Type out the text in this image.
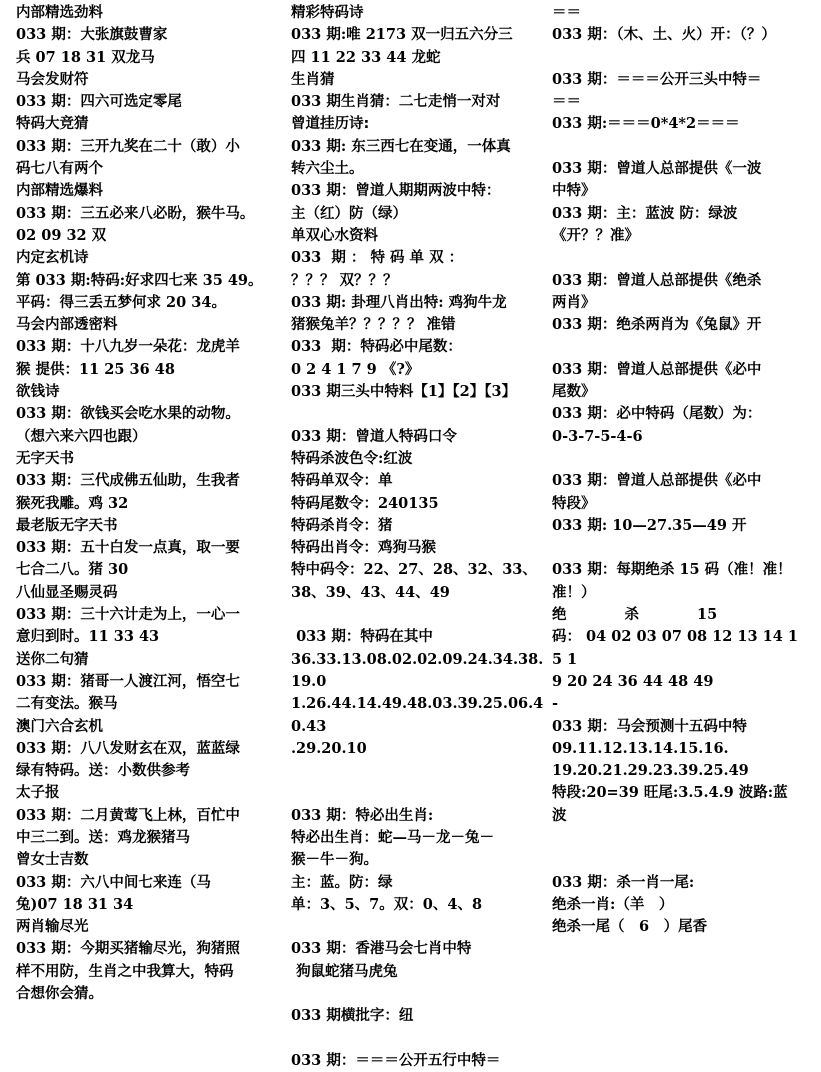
内部精选劲料
033 期：大张旗鼓曹家
兵 07 18 31 双龙马
马会发财符
033 期：四六可选定零尾
特码大竞猜
033 期：三开九奖在二十（敢）小
码七八有两个
内部精选爆料
033 期：三五必来八必盼，猴牛马。
02 09 32 双
内定玄机诗
第 033 期:特码:好求四七来 35 49。
平码：得三丢五梦何求 20 34。
马会内部透密料
033 期：十八九岁一朵花：龙虎羊
猴 提供：11 25 36 48
欲钱诗
033 期：欲钱买会吃水果的动物。
（想六来六四也跟）
无字天书
033 期：三代成佛五仙助，生我者
猴死我雕。鸡 32
最老版无字天书
033 期：五十白发一点真，取一要
七合二八。猪 30
八仙显圣赐灵码
033 期：三十六计走为上，一心一
意归到时。11 33 43
送你二句猜
033 期：猪哥一人渡江河，悟空七
二有变法。猴马
澳门六合玄机
033 期：八八发财玄在双，蓝蓝绿
绿有特码。送：小数供参考
太子报
033 期：二月黄莺飞上林，百忙中
中三二到。送：鸡龙猴猪马
曾女士吉数
033 期：六八中间七来连（马
兔)07 18 31 34
两肖输尽光
033 期：今期买猪输尽光，狗猪照
样不用防，生肖之中我算大，特码
合想你会猜。
精彩特码诗
033 期:唯 2173 双一归五六分三
四 11 22 33 44 龙蛇
生肖猜
033 期生肖猜：二七走悄一对对
曾道挂历诗:
033 期: 东三西七在变通，一体真
转六尘土。
033 期：曾道人期期两波中特：
主（红）防（绿）
单双心水资料
033  期 ： 特 码 单 双 ：
？？？ 双？？？
033 期: 卦理八肖出特: 鸡狗牛龙
猪猴兔羊？？？？？ 准错
033  期：特码必中尾数：
0 2 4 1 7 9 《?》
033 期三头中特料【1】【2】【3】
033 期：曾道人特码口令
特码杀波色令:红波
特码单双令：单
特码尾数令：240135
特码杀肖令：猪
特码出肖令：鸡狗马猴
特中码令：22、27、28、32、33、
38、39、43、44、49
033 期：特码在其中
36.33.13.08.02.02.09.24.34.38.19.0
1.26.44.14.49.48.03.39.25.06.40.43
.29.20.10
033 期：特必出生肖:
特必出生肖：蛇—马－龙－兔－
猴－牛－狗。
主：蓝。防：绿
单：3、5、7。双：0、4、8
033 期：香港马会七肖中特
狗鼠蛇猪马虎兔
033 期横批字：纽
033 期：＝＝＝公开五行中特＝
＝＝
033 期：（木、土、火）开：（？）
033 期：＝＝＝公开三头中特＝
＝＝
033 期:＝＝＝0*4*2＝＝＝
033 期：曾道人总部提供《一波
中特》
033 期：主：蓝波 防：绿波
《开？？准》
033 期：曾道人总部提供《绝杀
两肖》
033 期：绝杀两肖为《兔鼠》开
033 期：曾道人总部提供《必中
尾数》
033 期：必中特码（尾数）为：
0-3-7-5-4-6
033 期：曾道人总部提供《必中
特段》
033 期: 10—27.35—49 开
033 期：每期绝杀 15 码（准！准！
准！）
绝　　　　杀　　　　15
码： 04 02 03 07 08 12 13 14 15 1
9 20 24 36 44 48 49
-
033 期：马会预测十五码中特
09.11.12.13.14.15.16.
19.20.21.29.23.39.25.49
特段:20=39 旺尾:3.5.4.9 波路:蓝
波
033 期：杀一肖一尾:
绝杀一肖:（羊　）
绝杀一尾（　6　）尾香
